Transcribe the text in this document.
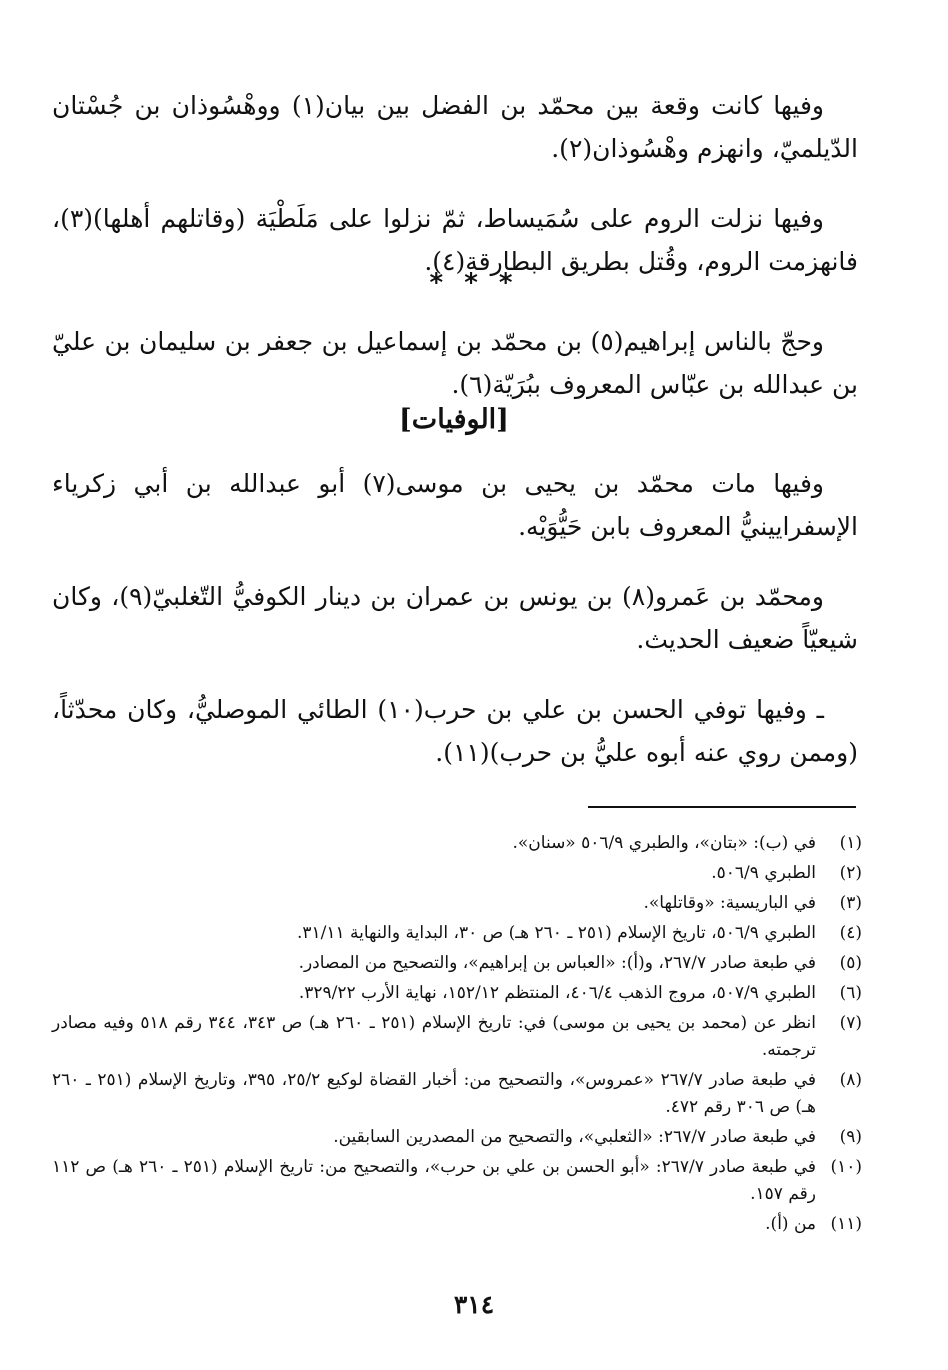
وفيها كانت وقعة بين محمّد بن الفضل بين بيان(١) ووهْسُوذان بن جُسْتان الدّيلميّ، وانهزم وهْسُوذان(٢).

وفيها نزلت الروم على سُمَيساط، ثمّ نزلوا على مَلَطْيَة (وقاتلهم أهلها)(٣)، فانهزمت الروم، وقُتل بطريق البطارقة(٤).

* * *

وحجّ بالناس إبراهيم(٥) بن محمّد بن إسماعيل بن جعفر بن سليمان بن عليّ بن عبدالله بن عبّاس المعروف ببُرَيّة(٦).

[الوفيات]

وفيها مات محمّد بن يحيى بن موسى(٧) أبو عبدالله بن أبي زكرياء الإسفرايينيُّ المعروف بابن حَيُّوَيْه.

ومحمّد بن عَمرو(٨) بن يونس بن عمران بن دينار الكوفيُّ التّغلبيّ(٩)، وكان شيعيّاً ضعيف الحديث.

ـ وفيها توفي الحسن بن علي بن حرب(١٠) الطائي الموصليُّ، وكان محدّثاً، (وممن روي عنه أبوه عليُّ بن حرب)(١١).

(١)
في (ب): «بتان»، والطبري ٥٠٦/٩ «سنان».
(٢)
الطبري ٥٠٦/٩.
(٣)
في الباريسية: «وقاتلها».
(٤)
الطبري ٥٠٦/٩، تاريخ الإسلام (٢٥١ ـ ٢٦٠ هـ) ص ٣٠، البداية والنهاية ٣١/١١.
(٥)
في طبعة صادر ٢٦٧/٧، و(أ): «العباس بن إبراهيم»، والتصحيح من المصادر.
(٦)
الطبري ٥٠٧/٩، مروج الذهب ٤٠٦/٤، المنتظم ١٥٢/١٢، نهاية الأرب ٣٢٩/٢٢.
(٧)
انظر عن (محمد بن يحيى بن موسى) في: تاريخ الإسلام (٢٥١ ـ ٢٦٠ هـ) ص ٣٤٣، ٣٤٤ رقم ٥١٨ وفيه مصادر ترجمته.
(٨)
في طبعة صادر ٢٦٧/٧ «عمروس»، والتصحيح من: أخبار القضاة لوكيع ٢٥/٢، ٣٩٥، وتاريخ الإسلام (٢٥١ ـ ٢٦٠ هـ) ص ٣٠٦ رقم ٤٧٢.
(٩)
في طبعة صادر ٢٦٧/٧: «الثعلبي»، والتصحيح من المصدرين السابقين.
(١٠)
في طبعة صادر ٢٦٧/٧: «أبو الحسن بن علي بن حرب»، والتصحيح من: تاريخ الإسلام (٢٥١ ـ ٢٦٠ هـ) ص ١١٢ رقم ١٥٧.
(١١)
من (أ).
٣١٤
